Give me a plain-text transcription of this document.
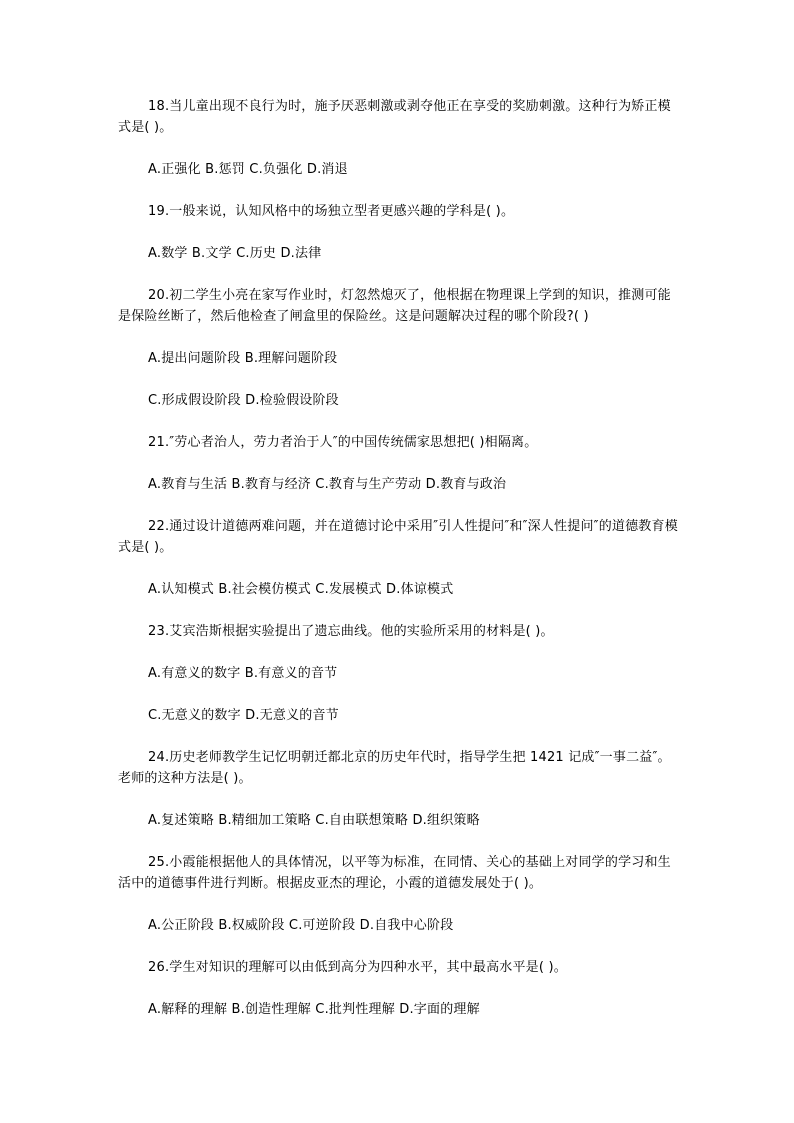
18.当儿童出现不良行为时，施予厌恶刺激或剥夺他正在享受的奖励刺激。这种行为矫正模式是( )。

A.正强化 B.惩罚 C.负强化 D.消退

19.一般来说，认知风格中的场独立型者更感兴趣的学科是( )。

A.数学 B.文学 C.历史 D.法律

20.初二学生小亮在家写作业时，灯忽然熄灭了，他根据在物理课上学到的知识，推测可能是保险丝断了，然后他检查了闸盒里的保险丝。这是问题解决过程的哪个阶段?( )

A.提出问题阶段 B.理解问题阶段

C.形成假设阶段 D.检验假设阶段

21.″劳心者治人，劳力者治于人″的中国传统儒家思想把( )相隔离。

A.教育与生活 B.教育与经济 C.教育与生产劳动 D.教育与政治

22.通过设计道德两难问题，并在道德讨论中采用″引人性提问″和″深人性提问″的道德教育模式是( )。

A.认知模式 B.社会模仿模式 C.发展模式 D.体谅模式

23.艾宾浩斯根据实验提出了遗忘曲线。他的实验所采用的材料是( )。

A.有意义的数字 B.有意义的音节

C.无意义的数字 D.无意义的音节

24.历史老师教学生记忆明朝迁都北京的历史年代时，指导学生把 1421 记成″一事二益″。老师的这种方法是( )。

A.复述策略 B.精细加工策略 C.自由联想策略 D.组织策略

25.小霞能根据他人的具体情况，以平等为标准，在同情、关心的基础上对同学的学习和生活中的道德事件进行判断。根据皮亚杰的理论，小霞的道德发展处于( )。

A.公正阶段 B.权威阶段 C.可逆阶段 D.自我中心阶段

26.学生对知识的理解可以由低到高分为四种水平，其中最高水平是( )。

A.解释的理解 B.创造性理解 C.批判性理解 D.字面的理解
